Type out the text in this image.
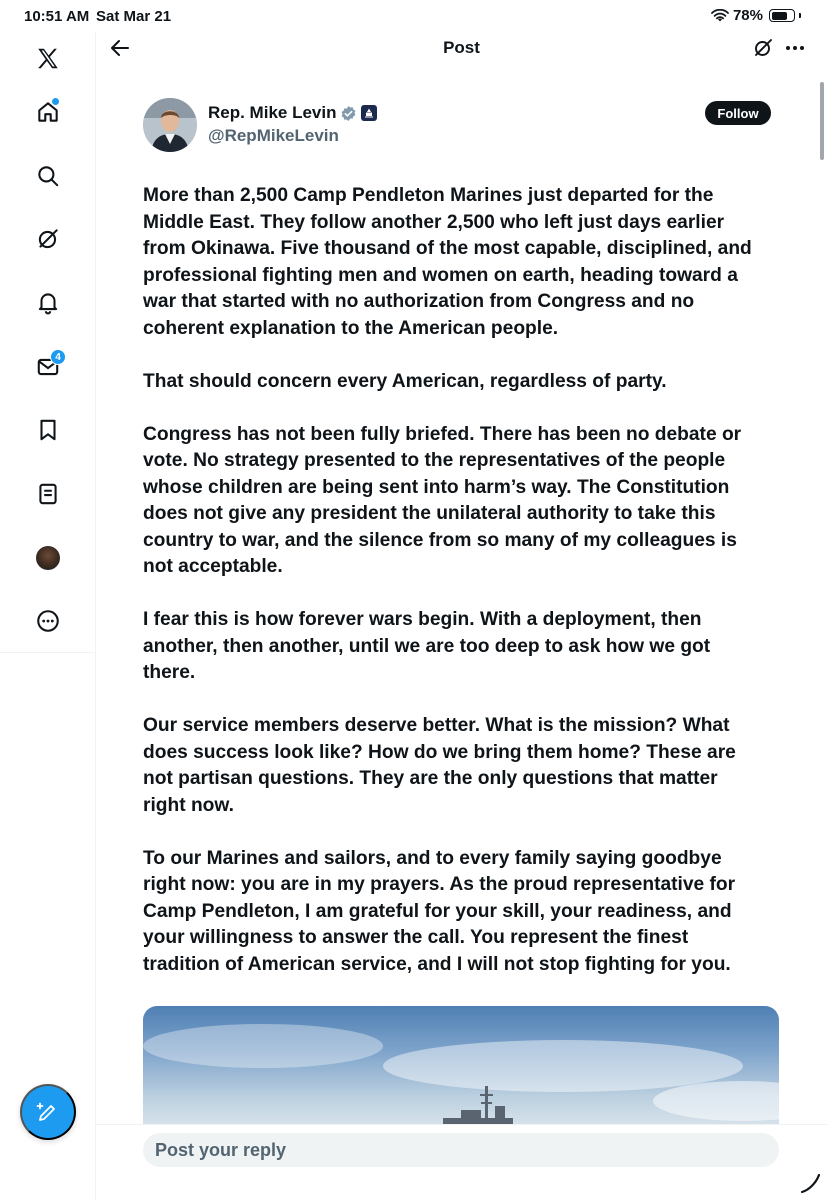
10:51 AM Sat Mar 21	78%
4
Post
Rep. Mike Levin
@RepMikeLevin
Follow

More than 2,500 Camp Pendleton Marines just departed for the
Middle East. They follow another 2,500 who left just days earlier
from Okinawa. Five thousand of the most capable, disciplined, and
professional fighting men and women on earth, heading toward a
war that started with no authorization from Congress and no
coherent explanation to the American people.

That should concern every American, regardless of party.

Congress has not been fully briefed. There has been no debate or
vote. No strategy presented to the representatives of the people
whose children are being sent into harm’s way. The Constitution
does not give any president the unilateral authority to take this
country to war, and the silence from so many of my colleagues is
not acceptable.

I fear this is how forever wars begin. With a deployment, then
another, then another, until we are too deep to ask how we got
there.

Our service members deserve better. What is the mission? What
does success look like? How do we bring them home? These are
not partisan questions. They are the only questions that matter
right now.

To our Marines and sailors, and to every family saying goodbye
right now: you are in my prayers. As the proud representative for
Camp Pendleton, I am grateful for your skill, your readiness, and
your willingness to answer the call. You represent the finest
tradition of American service, and I will not stop fighting for you.

Post your reply
